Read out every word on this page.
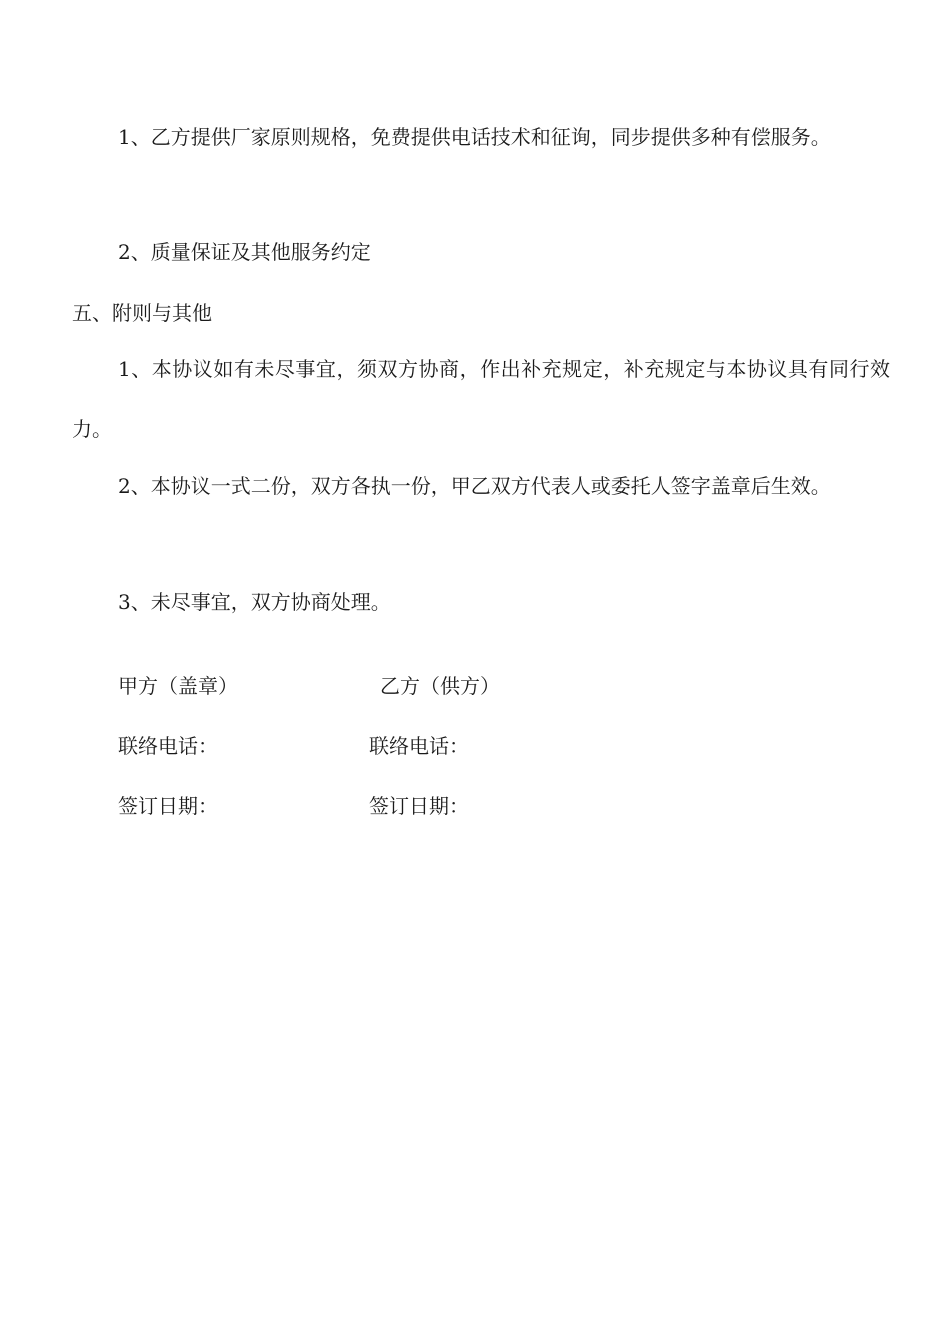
1、乙方提供厂家原则规格，免费提供电话技术和征询，同步提供多种有偿服务。

2、质量保证及其他服务约定

五、附则与其他

1、本协议如有未尽事宜，须双方协商，作出补充规定，补充规定与本协议具有同行效力。

2、本协议一式二份，双方各执一份，甲乙双方代表人或委托人签字盖章后生效。

3、未尽事宜，双方协商处理。

甲方（盖章）	乙方（供方）
联络电话：	联络电话：
签订日期：	签订日期：
